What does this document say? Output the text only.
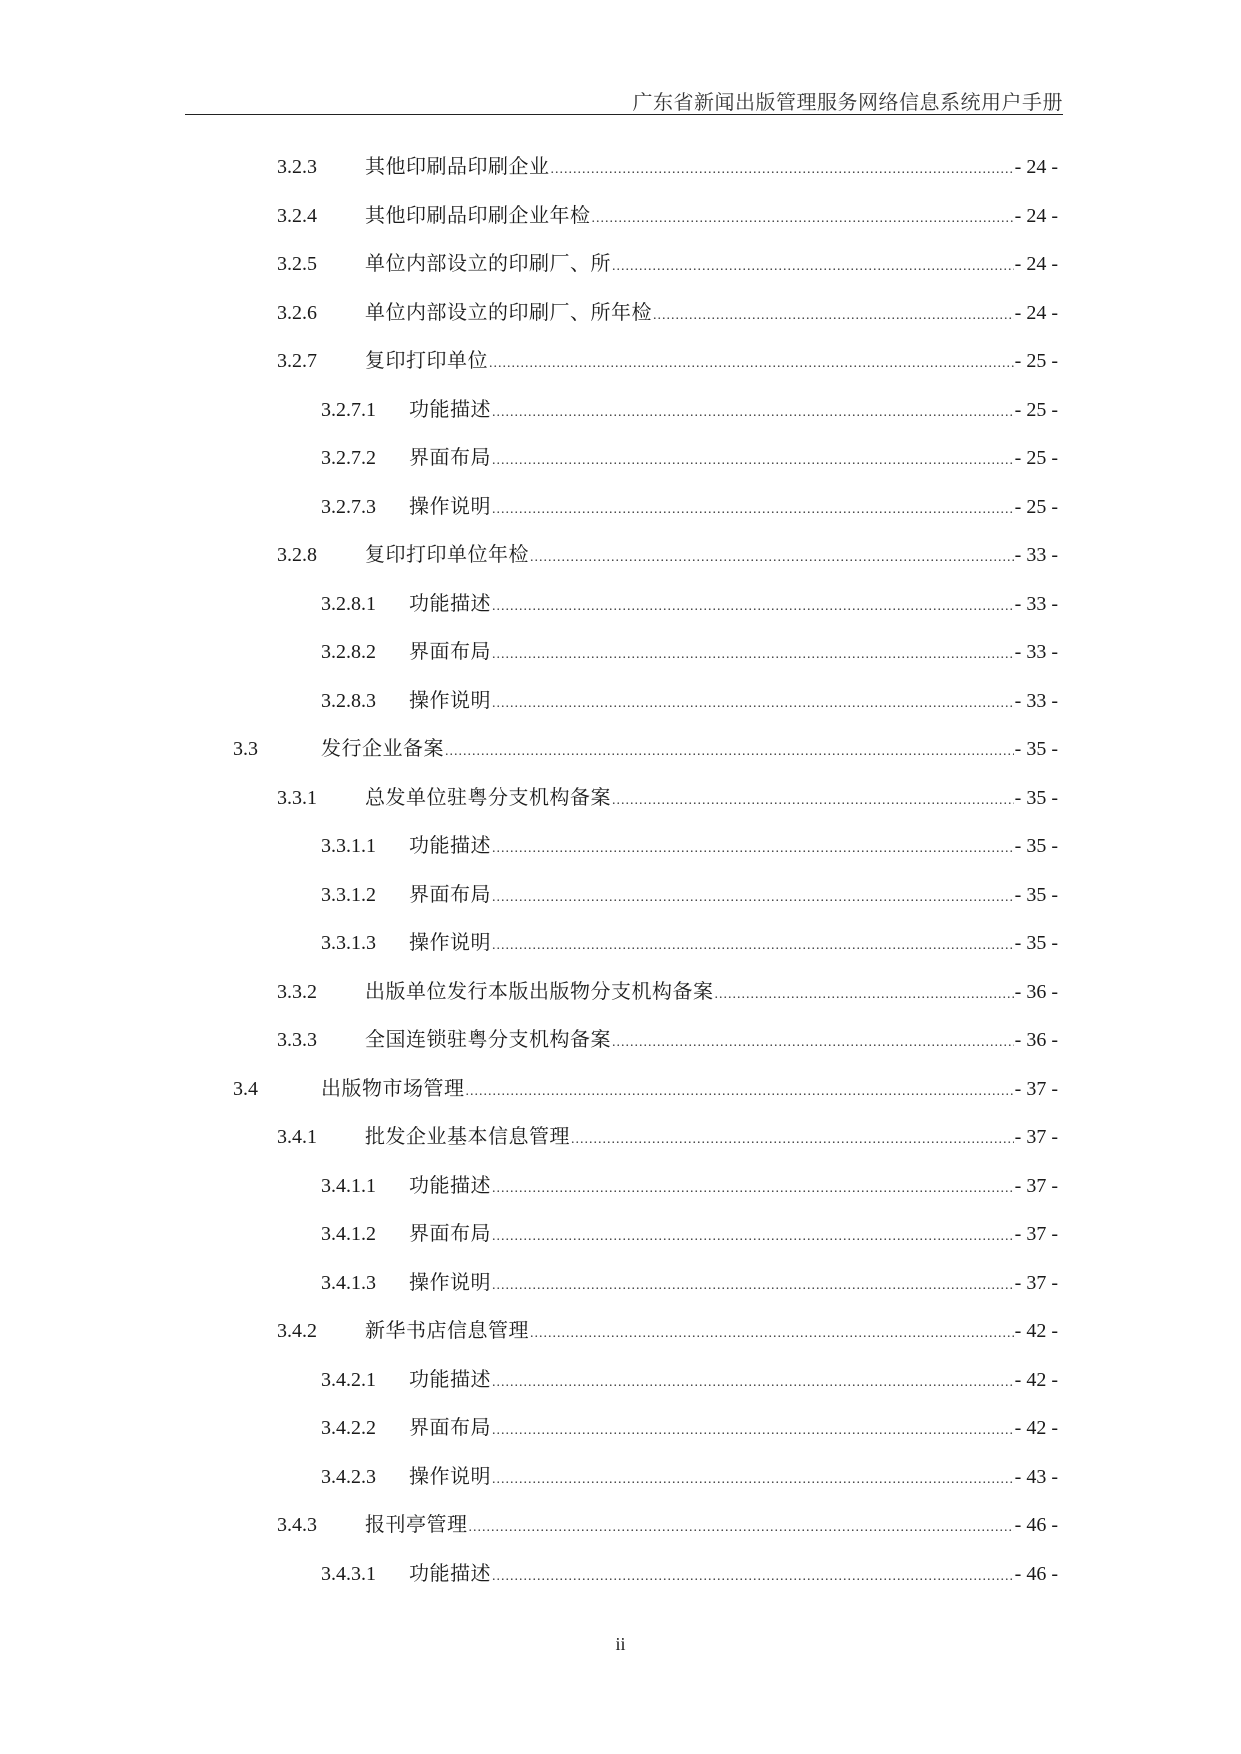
广东省新闻出版管理服务网络信息系统用户手册
3.2.3	其他印刷品印刷企业 .....	- 24 -
3.2.4	其他印刷品印刷企业年检 .....	- 24 -
3.2.5	单位内部设立的印刷厂、所 .....	- 24 -
3.2.6	单位内部设立的印刷厂、所年检 .....	- 24 -
3.2.7	复印打印单位 .....	- 25 -
3.2.7.1	功能描述 .....	- 25 -
3.2.7.2	界面布局 .....	- 25 -
3.2.7.3	操作说明 .....	- 25 -
3.2.8	复印打印单位年检 .....	- 33 -
3.2.8.1	功能描述 .....	- 33 -
3.2.8.2	界面布局 .....	- 33 -
3.2.8.3	操作说明 .....	- 33 -
3.3	发行企业备案 .....	- 35 -
3.3.1	总发单位驻粤分支机构备案 .....	- 35 -
3.3.1.1	功能描述 .....	- 35 -
3.3.1.2	界面布局 .....	- 35 -
3.3.1.3	操作说明 .....	- 35 -
3.3.2	出版单位发行本版出版物分支机构备案 .....	- 36 -
3.3.3	全国连锁驻粤分支机构备案 .....	- 36 -
3.4	出版物市场管理 .....	- 37 -
3.4.1	批发企业基本信息管理 .....	- 37 -
3.4.1.1	功能描述 .....	- 37 -
3.4.1.2	界面布局 .....	- 37 -
3.4.1.3	操作说明 .....	- 37 -
3.4.2	新华书店信息管理 .....	- 42 -
3.4.2.1	功能描述 .....	- 42 -
3.4.2.2	界面布局 .....	- 42 -
3.4.2.3	操作说明 .....	- 43 -
3.4.3	报刊亭管理 .....	- 46 -
3.4.3.1	功能描述 .....	- 46 -
ii
